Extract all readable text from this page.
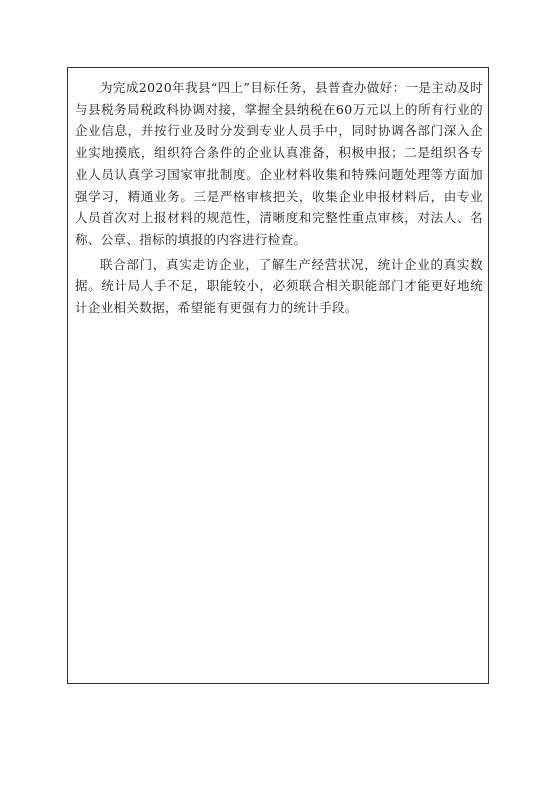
为完成2020年我县“四上”目标任务，县普查办做好：一是主动及时与县税务局税政科协调对接，掌握全县纳税在60万元以上的所有行业的企业信息，并按行业及时分发到专业人员手中，同时协调各部门深入企业实地摸底，组织符合条件的企业认真准备，积极申报；二是组织各专业人员认真学习国家审批制度。企业材料收集和特殊问题处理等方面加强学习，精通业务。三是严格审核把关，收集企业申报材料后，由专业人员首次对上报材料的规范性，清晰度和完整性重点审核，对法人、名称、公章、指标的填报的内容进行检查。

联合部门，真实走访企业，了解生产经营状况，统计企业的真实数据。统计局人手不足，职能较小，必须联合相关职能部门才能更好地统计企业相关数据，希望能有更强有力的统计手段。
